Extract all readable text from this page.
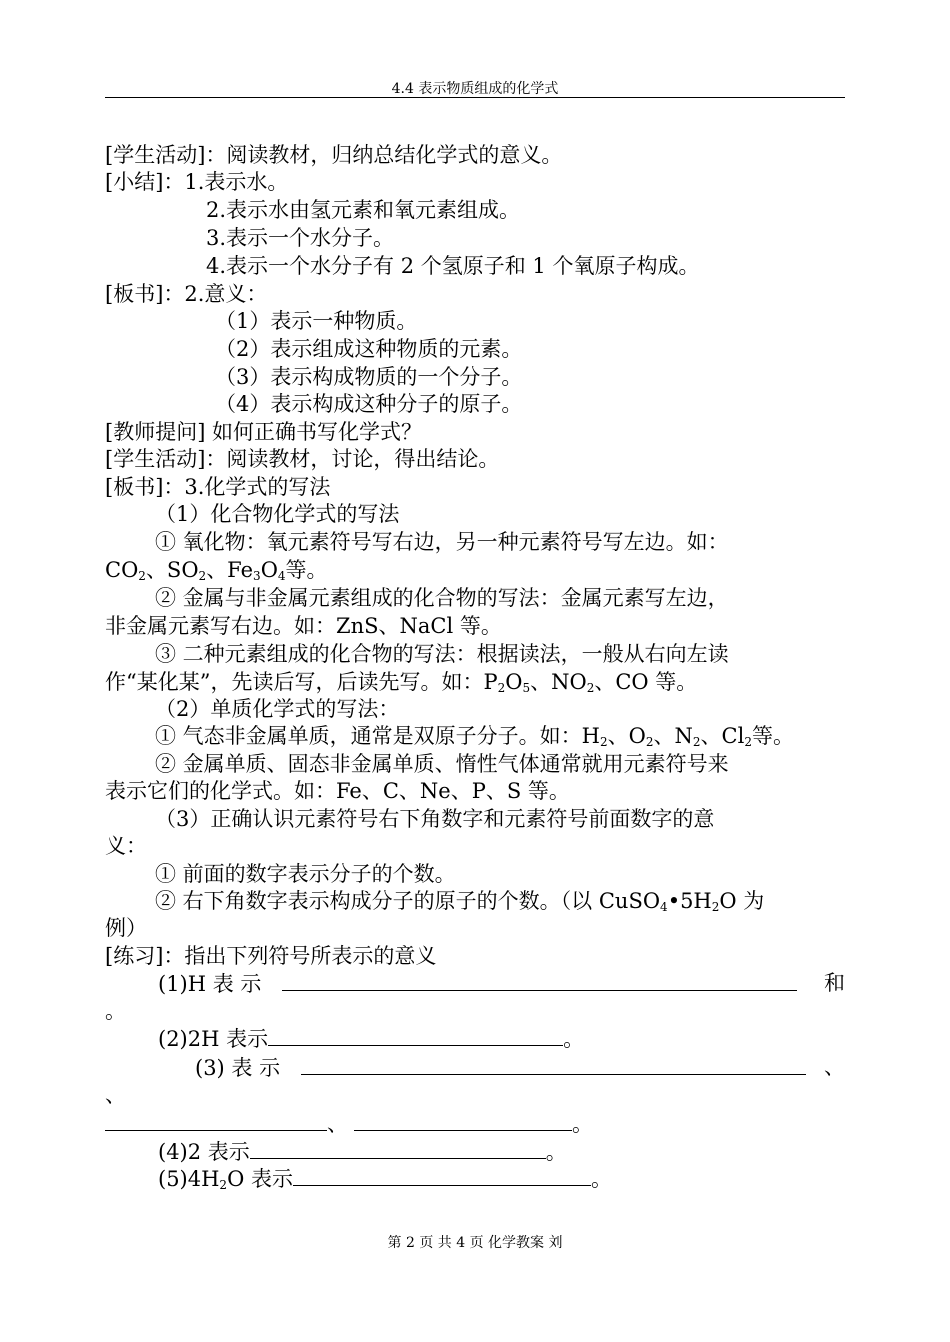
4.4 表示物质组成的化学式
[学生活动]：阅读教材，归纳总结化学式的意义。
[小结]：1.表示水。
2.表示水由氢元素和氧元素组成。
3.表示一个水分子。
4.表示一个水分子有 2 个氢原子和 1 个氧原子构成。
[板书]：2.意义：
（1）表示一种物质。
（2）表示组成这种物质的元素。
（3）表示构成物质的一个分子。
（4）表示构成这种分子的原子。
[教师提问] 如何正确书写化学式？
[学生活动]：阅读教材，讨论，得出结论。
[板书]：3.化学式的写法
（1）化合物化学式的写法
① 氧化物：氧元素符号写右边，另一种元素符号写左边。如：
$CO_2$、$SO_2$、$Fe_3O_4$等。
② 金属与非金属元素组成的化合物的写法：金属元素写左边，
非金属元素写右边。如：ZnS、NaCl 等。
③ 二种元素组成的化合物的写法：根据读法，一般从右向左读
作“某化某”，先读后写，后读先写。如：$P_2O_5$、$NO_2$、CO 等。
（2）单质化学式的写法：
① 气态非金属单质，通常是双原子分子。如：$H_2$、$O_2$、$N_2$、$Cl_2$等。
② 金属单质、固态非金属单质、惰性气体通常就用元素符号来
表示它们的化学式。如：Fe、C、Ne、P、S 等。
（3）正确认识元素符号右下角数字和元素符号前面数字的意
义：
① 前面的数字表示分子的个数。
② 右下角数字表示构成分子的原子的个数。（以 $CuSO_4•5H_2O$ 为
例）
[练习]：指出下列符号所表示的意义
(1)H 表 示	和
。
(2)2H 表示	。
(3) 表 示	、
、
、	。
(4)2 表示	。
$(5)4H_2O$ 表示	。
第 2 页 共 4 页 化学教案 刘
